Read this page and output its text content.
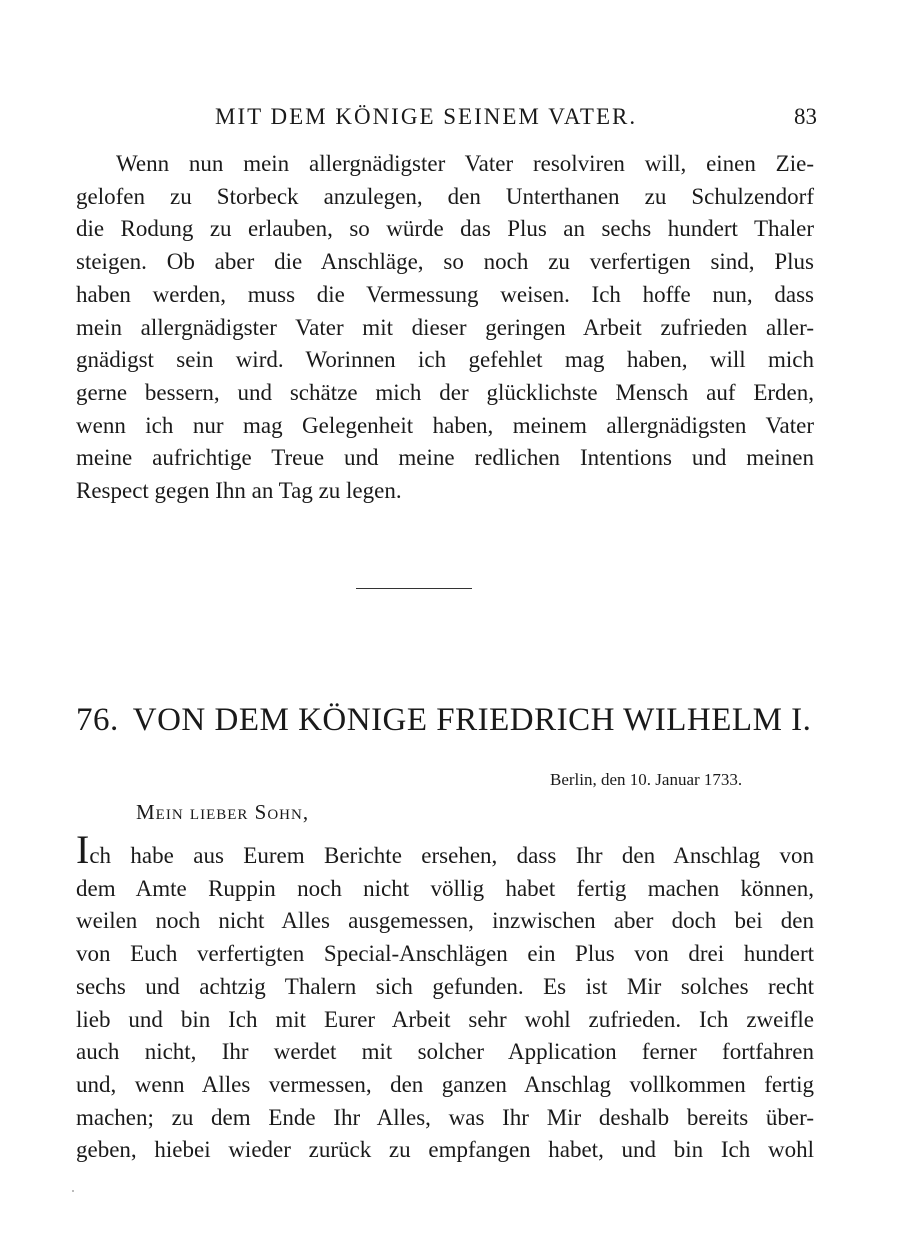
MIT DEM KÖNIGE SEINEM VATER.	83
Wenn nun mein allergnädigster Vater resolviren will, einen Zie-
gelofen zu Storbeck anzulegen, den Unterthanen zu Schulzendorf
die Rodung zu erlauben, so würde das Plus an sechs hundert Thaler
steigen. Ob aber die Anschläge, so noch zu verfertigen sind, Plus
haben werden, muss die Vermessung weisen. Ich hoffe nun, dass
mein allergnädigster Vater mit dieser geringen Arbeit zufrieden aller-
gnädigst sein wird. Worinnen ich gefehlet mag haben, will mich
gerne bessern, und schätze mich der glücklichste Mensch auf Erden,
wenn ich nur mag Gelegenheit haben, meinem allergnädigsten Vater
meine aufrichtige Treue und meine redlichen Intentions und meinen
Respect gegen Ihn an Tag zu legen.
76. VON DEM KÖNIGE FRIEDRICH WILHELM I.
Berlin, den 10. Januar 1733.
Mein lieber Sohn,
Ich habe aus Eurem Berichte ersehen, dass Ihr den Anschlag von
dem Amte Ruppin noch nicht völlig habet fertig machen können,
weilen noch nicht Alles ausgemessen, inzwischen aber doch bei den
von Euch verfertigten Special-Anschlägen ein Plus von drei hundert
sechs und achtzig Thalern sich gefunden. Es ist Mir solches recht
lieb und bin Ich mit Eurer Arbeit sehr wohl zufrieden. Ich zweifle
auch nicht, Ihr werdet mit solcher Application ferner fortfahren
und, wenn Alles vermessen, den ganzen Anschlag vollkommen fertig
machen; zu dem Ende Ihr Alles, was Ihr Mir deshalb bereits über-
geben, hiebei wieder zurück zu empfangen habet, und bin Ich wohl
